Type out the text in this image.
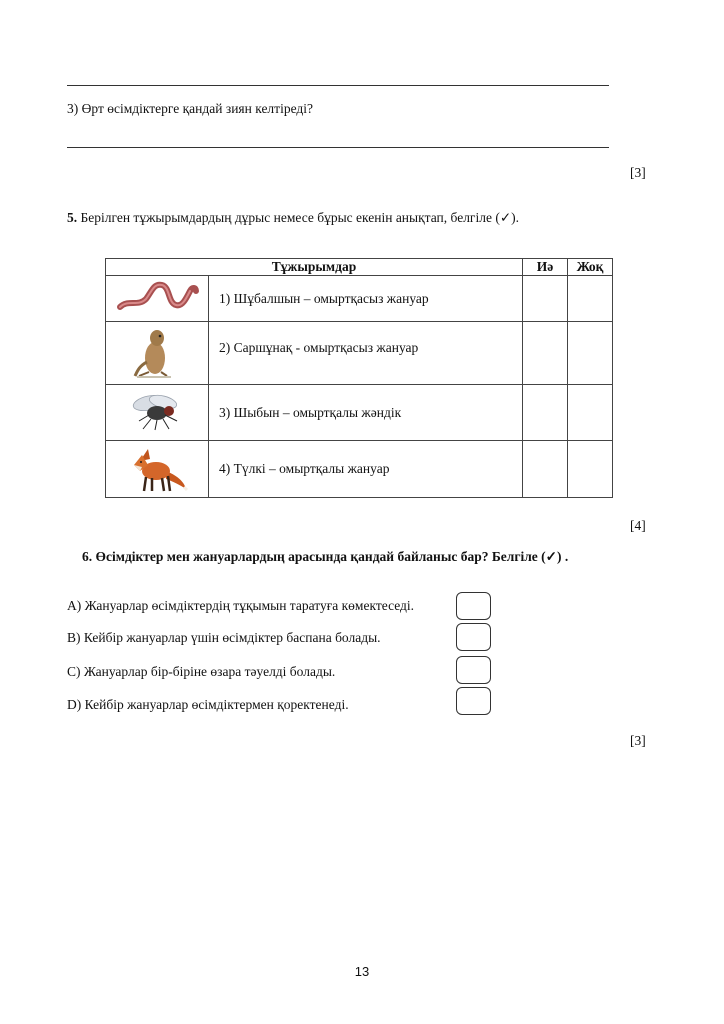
3) Өрт өсімдіктерге қандай зиян келтіреді?
[3]
5. Берілген тұжырымдардың дұрыс немесе бұрыс екенін анықтап, белгіле (✓).
Тұжырымдар		Иә	Жоқ
	1) Шұбалшын – омыртқасыз жануар		
	2) Саршұнақ - омыртқасыз жануар		
	3) Шыбын – омыртқалы жәндік		
	4) Түлкі – омыртқалы жануар		
[4]
6. Өсімдіктер мен жануарлардың арасында қандай байланыс бар? Белгіле (✓) .
A) Жануарлар өсімдіктердің тұқымын таратуға көмектеседі.
B) Кейбір жануарлар үшін өсімдіктер баспана болады.
C) Жануарлар бір-біріне өзара тәуелді болады.
D) Кейбір жануарлар өсімдіктермен қоректенеді.
[3]
13
